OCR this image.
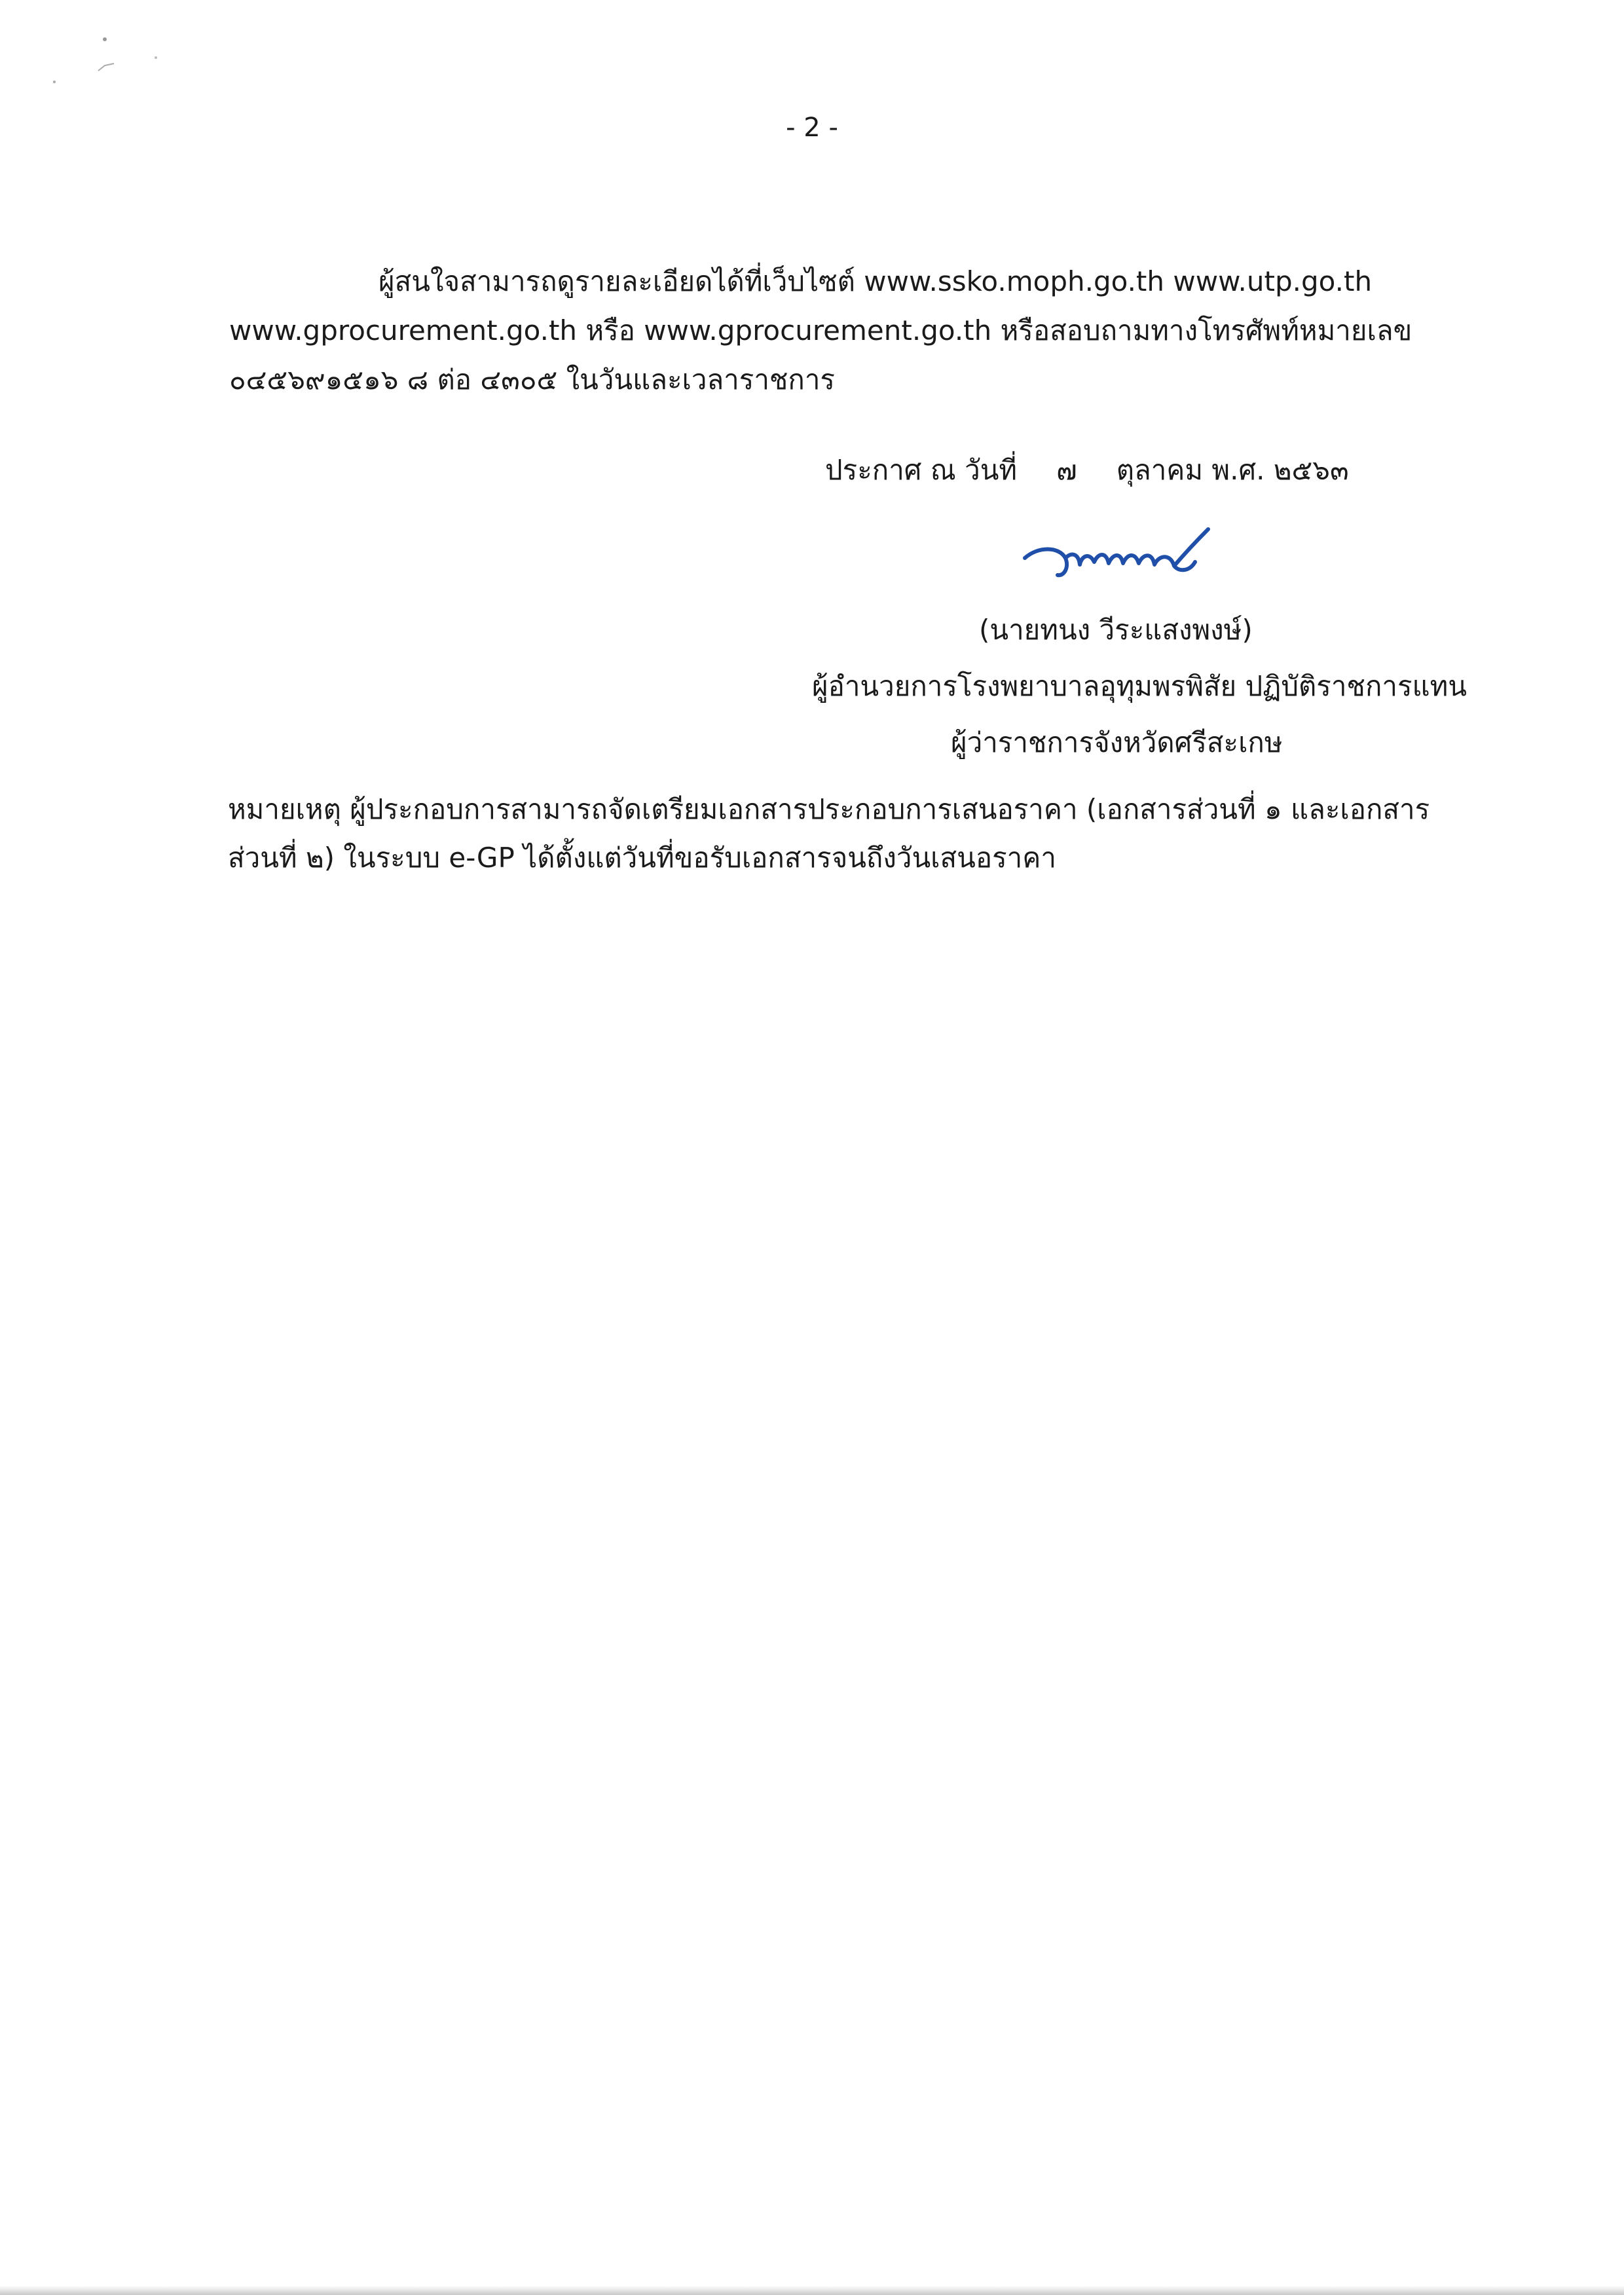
- 2 -
ผู้สนใจสามารถดูรายละเอียดได้ที่เว็บไซต์ www.ssko.moph.go.th www.utp.go.th
www.gprocurement.go.th หรือ www.gprocurement.go.th หรือสอบถามทางโทรศัพท์หมายเลข
๐๔๕๖๙๑๕๑๖ ๘ ต่อ ๔๓๐๕ ในวันและเวลาราชการ
ประกาศ ณ วันที่ ๗ ตุลาคม พ.ศ. ๒๕๖๓
(นายทนง วีระแสงพงษ์)
ผู้อำนวยการโรงพยาบาลอุทุมพรพิสัย ปฏิบัติราชการแทน
ผู้ว่าราชการจังหวัดศรีสะเกษ
หมายเหตุ ผู้ประกอบการสามารถจัดเตรียมเอกสารประกอบการเสนอราคา (เอกสารส่วนที่ ๑ และเอกสาร
ส่วนที่ ๒) ในระบบ e-GP ได้ตั้งแต่วันที่ขอรับเอกสารจนถึงวันเสนอราคา
